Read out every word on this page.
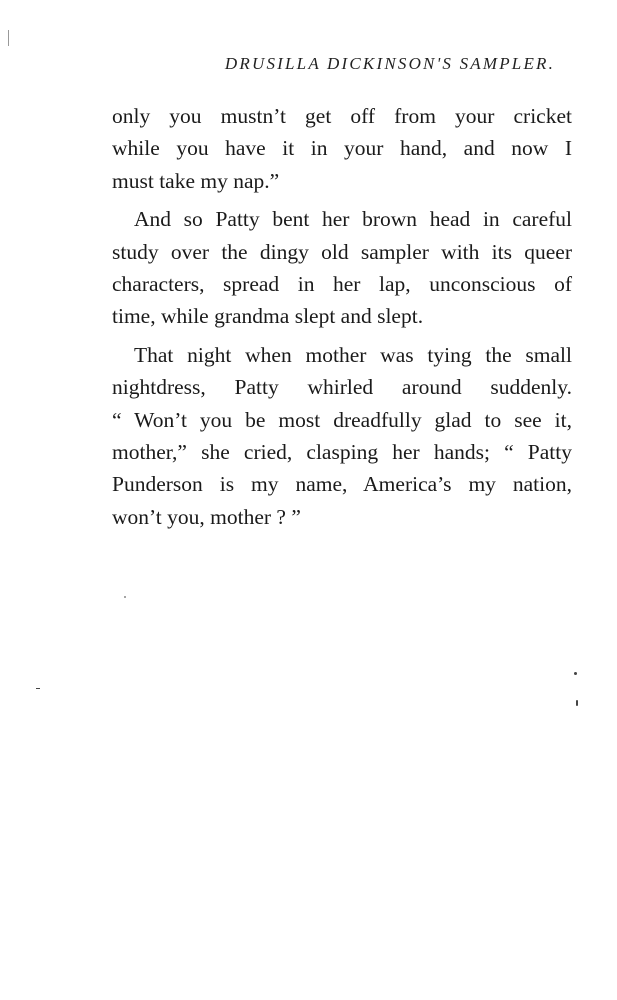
DRUSILLA DICKINSON'S SAMPLER.
only you mustn’t get off from your cricket
while you have it in your hand, and now I
must take my nap.”
And so Patty bent her brown head in careful
study over the dingy old sampler with its queer
characters, spread in her lap, unconscious of
time, while grandma slept and slept.
That night when mother was tying the small
nightdress, Patty whirled around suddenly.
“ Won’t you be most dreadfully glad to see it,
mother,” she cried, clasping her hands; “ Patty
Punderson is my name, America’s my nation,
won’t you, mother ? ”
